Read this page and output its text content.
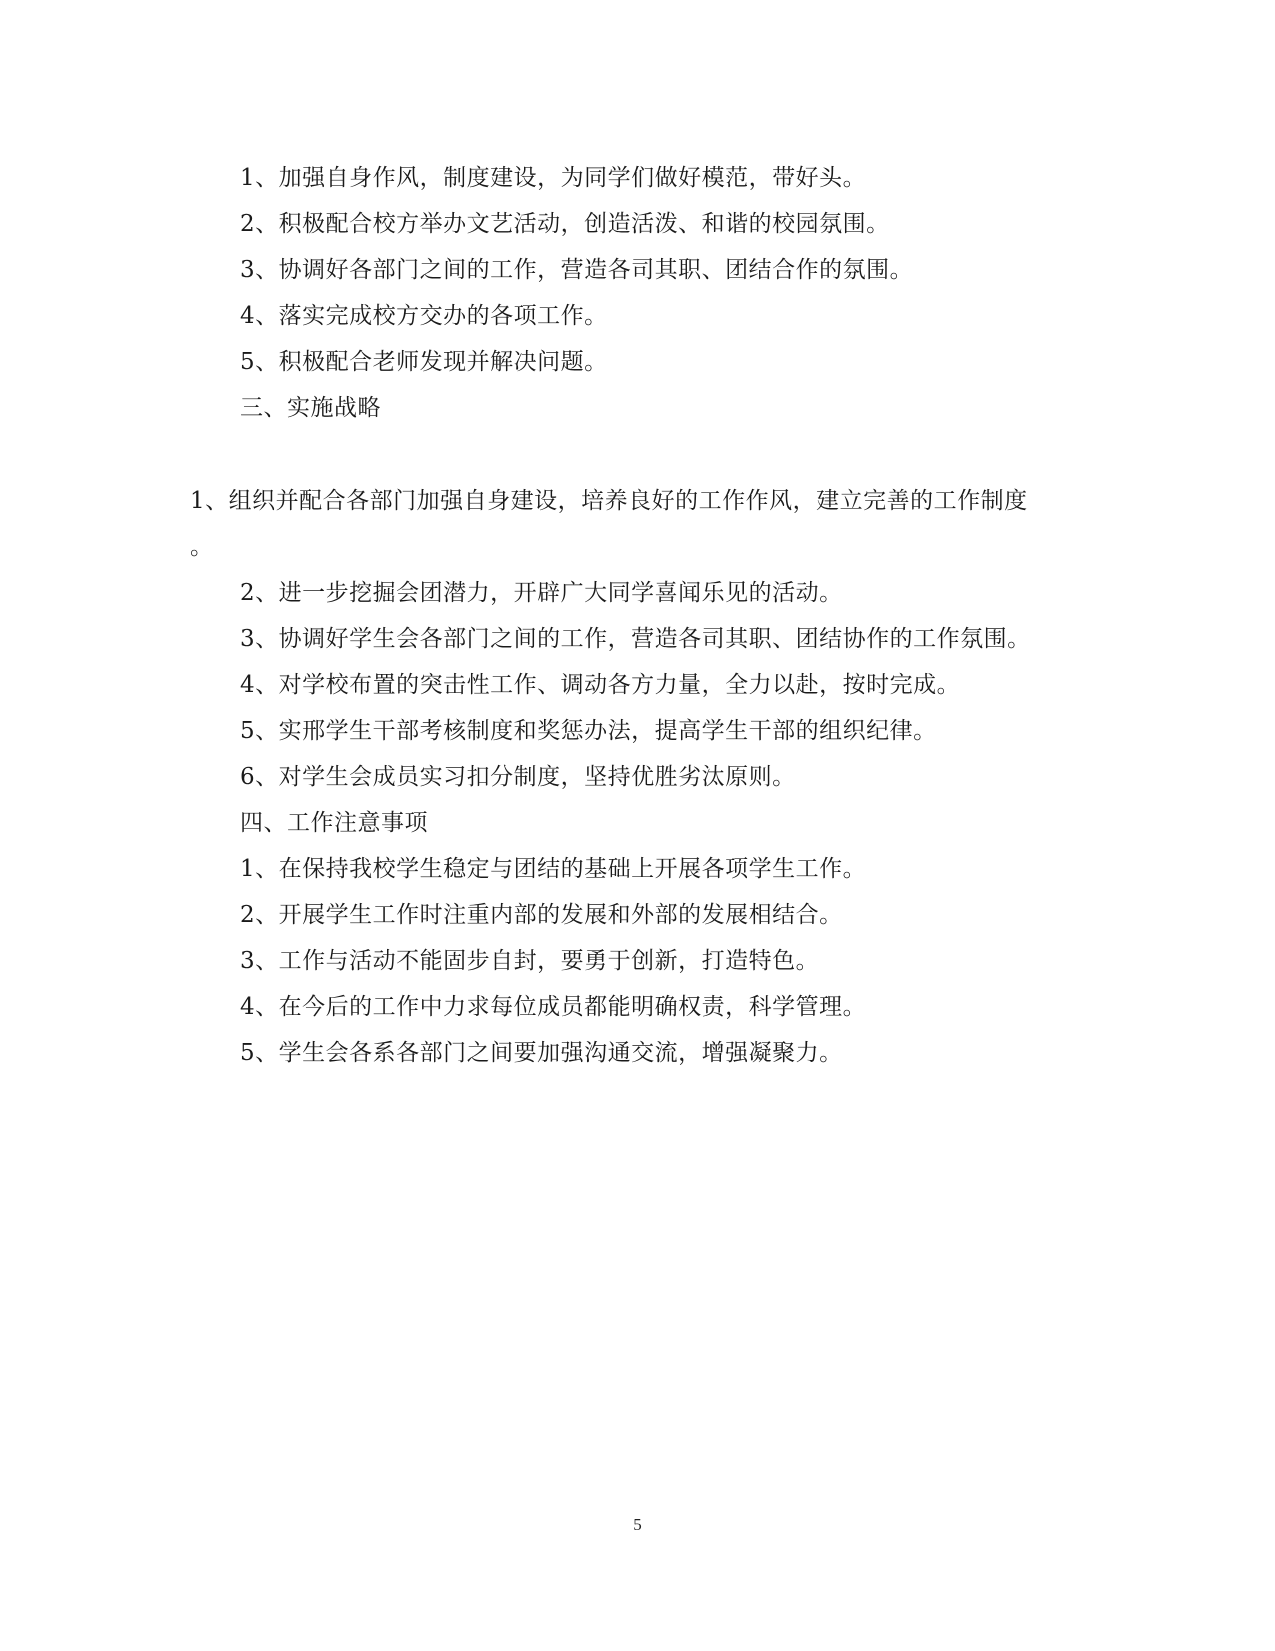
1、加强自身作风，制度建设，为同学们做好模范，带好头。
2、积极配合校方举办文艺活动，创造活泼、和谐的校园氛围。
3、协调好各部门之间的工作，营造各司其职、团结合作的氛围。
4、落实完成校方交办的各项工作。
5、积极配合老师发现并解决问题。
三、实施战略
1、组织并配合各部门加强自身建设，培养良好的工作作风，建立完善的工作制度
。
2、进一步挖掘会团潜力，开辟广大同学喜闻乐见的活动。
3、协调好学生会各部门之间的工作，营造各司其职、团结协作的工作氛围。
4、对学校布置的突击性工作、调动各方力量，全力以赴，按时完成。
5、实邢学生干部考核制度和奖惩办法，提高学生干部的组织纪律。
6、对学生会成员实习扣分制度，坚持优胜劣汰原则。
四、工作注意事项
1、在保持我校学生稳定与团结的基础上开展各项学生工作。
2、开展学生工作时注重内部的发展和外部的发展相结合。
3、工作与活动不能固步自封，要勇于创新，打造特色。
4、在今后的工作中力求每位成员都能明确权责，科学管理。
5、学生会各系各部门之间要加强沟通交流，增强凝聚力。
5
